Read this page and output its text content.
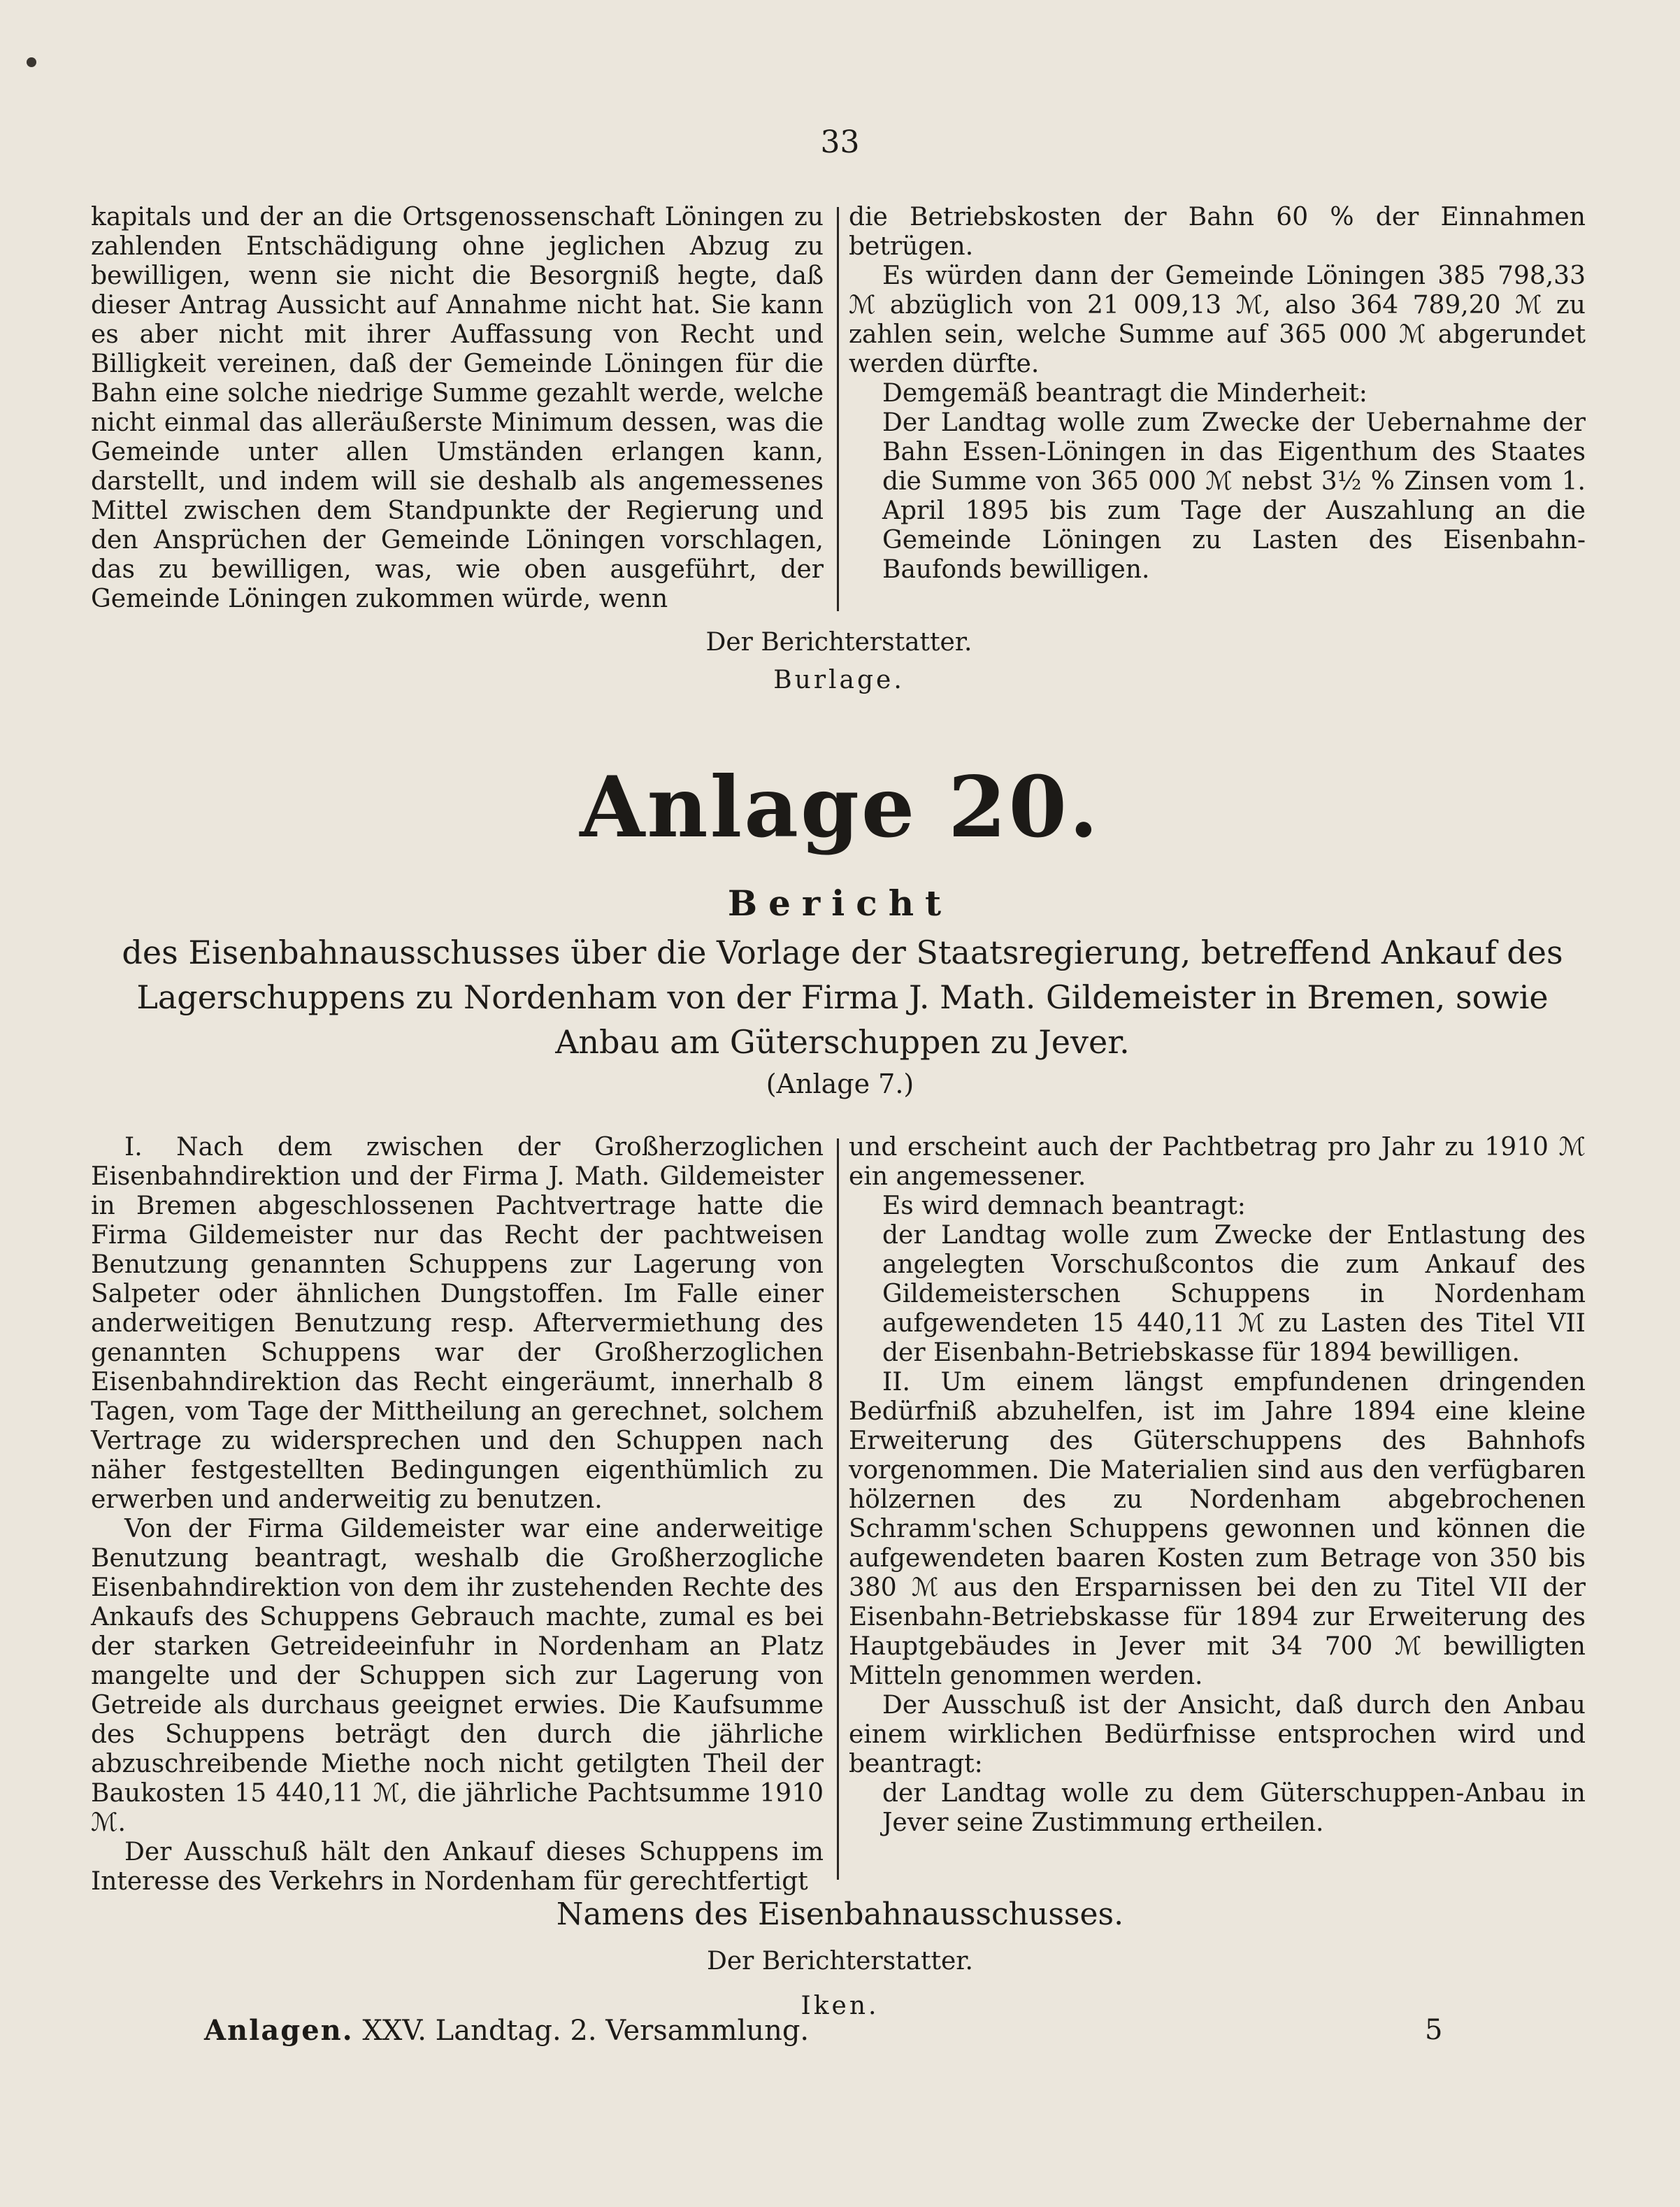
33

kapitals und der an die Ortsgenossenschaft Löningen zu zahlenden Entschädigung ohne jeglichen Abzug zu bewilligen, wenn sie nicht die Besorgniß hegte, daß dieser Antrag Aussicht auf Annahme nicht hat. Sie kann es aber nicht mit ihrer Auffassung von Recht und Billigkeit vereinen, daß der Gemeinde Löningen für die Bahn eine solche niedrige Summe gezahlt werde, welche nicht einmal das alleräußerste Minimum dessen, was die Gemeinde unter allen Umständen erlangen kann, darstellt, und indem will sie deshalb als angemessenes Mittel zwischen dem Standpunkte der Regierung und den Ansprüchen der Gemeinde Löningen vorschlagen, das zu bewilligen, was, wie oben ausgeführt, der Gemeinde Löningen zukommen würde, wenn

die Betriebskosten der Bahn 60 % der Einnahmen betrügen.

Es würden dann der Gemeinde Löningen 385 798,33 ℳ abzüglich von 21 009,13 ℳ, also 364 789,20 ℳ zu zahlen sein, welche Summe auf 365 000 ℳ abgerundet werden dürfte.

Demgemäß beantragt die Minderheit:

Der Landtag wolle zum Zwecke der Uebernahme der Bahn Essen-Löningen in das Eigenthum des Staates die Summe von 365 000 ℳ nebst 3½ % Zinsen vom 1. April 1895 bis zum Tage der Auszahlung an die Gemeinde Löningen zu Lasten des Eisenbahn-Baufonds bewilligen.

Der Berichterstatter.
Burlage.
Anlage 20.
Bericht
des Eisenbahnausschusses über die Vorlage der Staatsregierung, betreffend Ankauf des Lagerschuppens zu Nordenham von der Firma J. Math. Gildemeister in Bremen, sowie Anbau am Güterschuppen zu Jever.
(Anlage 7.)

I. Nach dem zwischen der Großherzoglichen Eisenbahndirektion und der Firma J. Math. Gildemeister in Bremen abgeschlossenen Pachtvertrage hatte die Firma Gildemeister nur das Recht der pachtweisen Benutzung genannten Schuppens zur Lagerung von Salpeter oder ähnlichen Dungstoffen. Im Falle einer anderweitigen Benutzung resp. Aftervermiethung des genannten Schuppens war der Großherzoglichen Eisenbahndirektion das Recht eingeräumt, innerhalb 8 Tagen, vom Tage der Mittheilung an gerechnet, solchem Vertrage zu widersprechen und den Schuppen nach näher festgestellten Bedingungen eigenthümlich zu erwerben und anderweitig zu benutzen.

Von der Firma Gildemeister war eine anderweitige Benutzung beantragt, weshalb die Großherzogliche Eisenbahndirektion von dem ihr zustehenden Rechte des Ankaufs des Schuppens Gebrauch machte, zumal es bei der starken Getreideeinfuhr in Nordenham an Platz mangelte und der Schuppen sich zur Lagerung von Getreide als durchaus geeignet erwies. Die Kaufsumme des Schuppens beträgt den durch die jährliche abzuschreibende Miethe noch nicht getilgten Theil der Baukosten 15 440,11 ℳ, die jährliche Pachtsumme 1910 ℳ.

Der Ausschuß hält den Ankauf dieses Schuppens im Interesse des Verkehrs in Nordenham für gerechtfertigt

und erscheint auch der Pachtbetrag pro Jahr zu 1910 ℳ ein angemessener.

Es wird demnach beantragt:

der Landtag wolle zum Zwecke der Entlastung des angelegten Vorschußcontos die zum Ankauf des Gildemeisterschen Schuppens in Nordenham aufgewendeten 15 440,11 ℳ zu Lasten des Titel VII der Eisenbahn-Betriebskasse für 1894 bewilligen.

II. Um einem längst empfundenen dringenden Bedürfniß abzuhelfen, ist im Jahre 1894 eine kleine Erweiterung des Güterschuppens des Bahnhofs vorgenommen. Die Materialien sind aus den verfügbaren hölzernen des zu Nordenham abgebrochenen Schramm'schen Schuppens gewonnen und können die aufgewendeten baaren Kosten zum Betrage von 350 bis 380 ℳ aus den Ersparnissen bei den zu Titel VII der Eisenbahn-Betriebskasse für 1894 zur Erweiterung des Hauptgebäudes in Jever mit 34 700 ℳ bewilligten Mitteln genommen werden.

Der Ausschuß ist der Ansicht, daß durch den Anbau einem wirklichen Bedürfnisse entsprochen wird und beantragt:

der Landtag wolle zu dem Güterschuppen-Anbau in Jever seine Zustimmung ertheilen.

Namens des Eisenbahnausschusses.
Der Berichterstatter.
Iken.
Anlagen. XXV. Landtag. 2. Versammlung.	5
